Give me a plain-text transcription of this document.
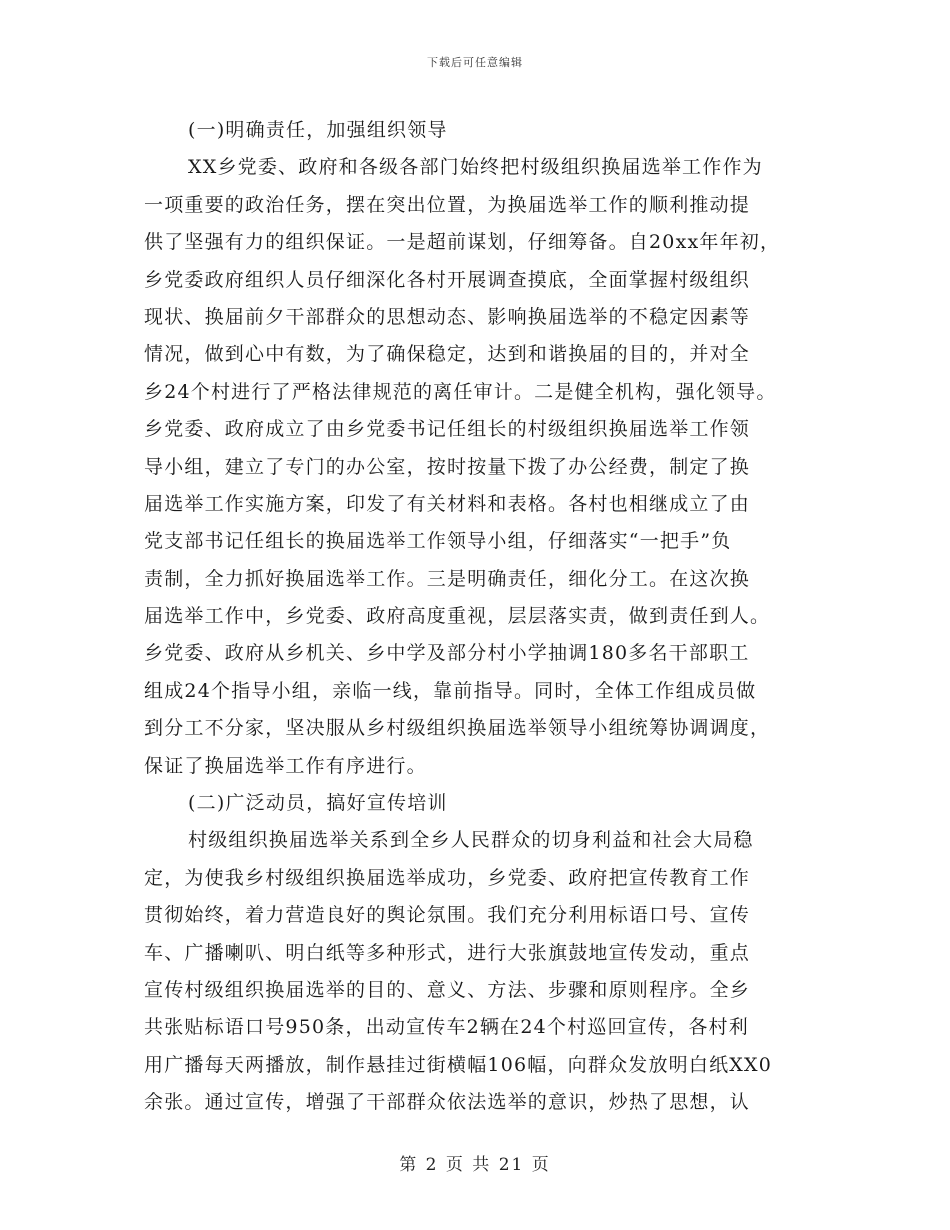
下载后可任意编辑
(一)明确责任，加强组织领导
XX乡党委、政府和各级各部门始终把村级组织换届选举工作作为
一项重要的政治任务，摆在突出位置，为换届选举工作的顺利推动提
供了坚强有力的组织保证。一是超前谋划，仔细筹备。自20xx年年初，
乡党委政府组织人员仔细深化各村开展调查摸底，全面掌握村级组织
现状、换届前夕干部群众的思想动态、影响换届选举的不稳定因素等
情况，做到心中有数，为了确保稳定，达到和谐换届的目的，并对全
乡24个村进行了严格法律规范的离任审计。二是健全机构，强化领导。
乡党委、政府成立了由乡党委书记任组长的村级组织换届选举工作领
导小组，建立了专门的办公室，按时按量下拨了办公经费，制定了换
届选举工作实施方案，印发了有关材料和表格。各村也相继成立了由
党支部书记任组长的换届选举工作领导小组，仔细落实“一把手”负
责制，全力抓好换届选举工作。三是明确责任，细化分工。在这次换
届选举工作中，乡党委、政府高度重视，层层落实责，做到责任到人。
乡党委、政府从乡机关、乡中学及部分村小学抽调180多名干部职工
组成24个指导小组，亲临一线，靠前指导。同时，全体工作组成员做
到分工不分家，坚决服从乡村级组织换届选举领导小组统筹协调调度，
保证了换届选举工作有序进行。
(二)广泛动员，搞好宣传培训
村级组织换届选举关系到全乡人民群众的切身利益和社会大局稳
定，为使我乡村级组织换届选举成功，乡党委、政府把宣传教育工作
贯彻始终，着力营造良好的舆论氛围。我们充分利用标语口号、宣传
车、广播喇叭、明白纸等多种形式，进行大张旗鼓地宣传发动，重点
宣传村级组织换届选举的目的、意义、方法、步骤和原则程序。全乡
共张贴标语口号950条，出动宣传车2辆在24个村巡回宣传，各村利
用广播每天两播放，制作悬挂过街横幅106幅，向群众发放明白纸XX0
余张。通过宣传，增强了干部群众依法选举的意识，炒热了思想，认
第 2 页 共 21 页
